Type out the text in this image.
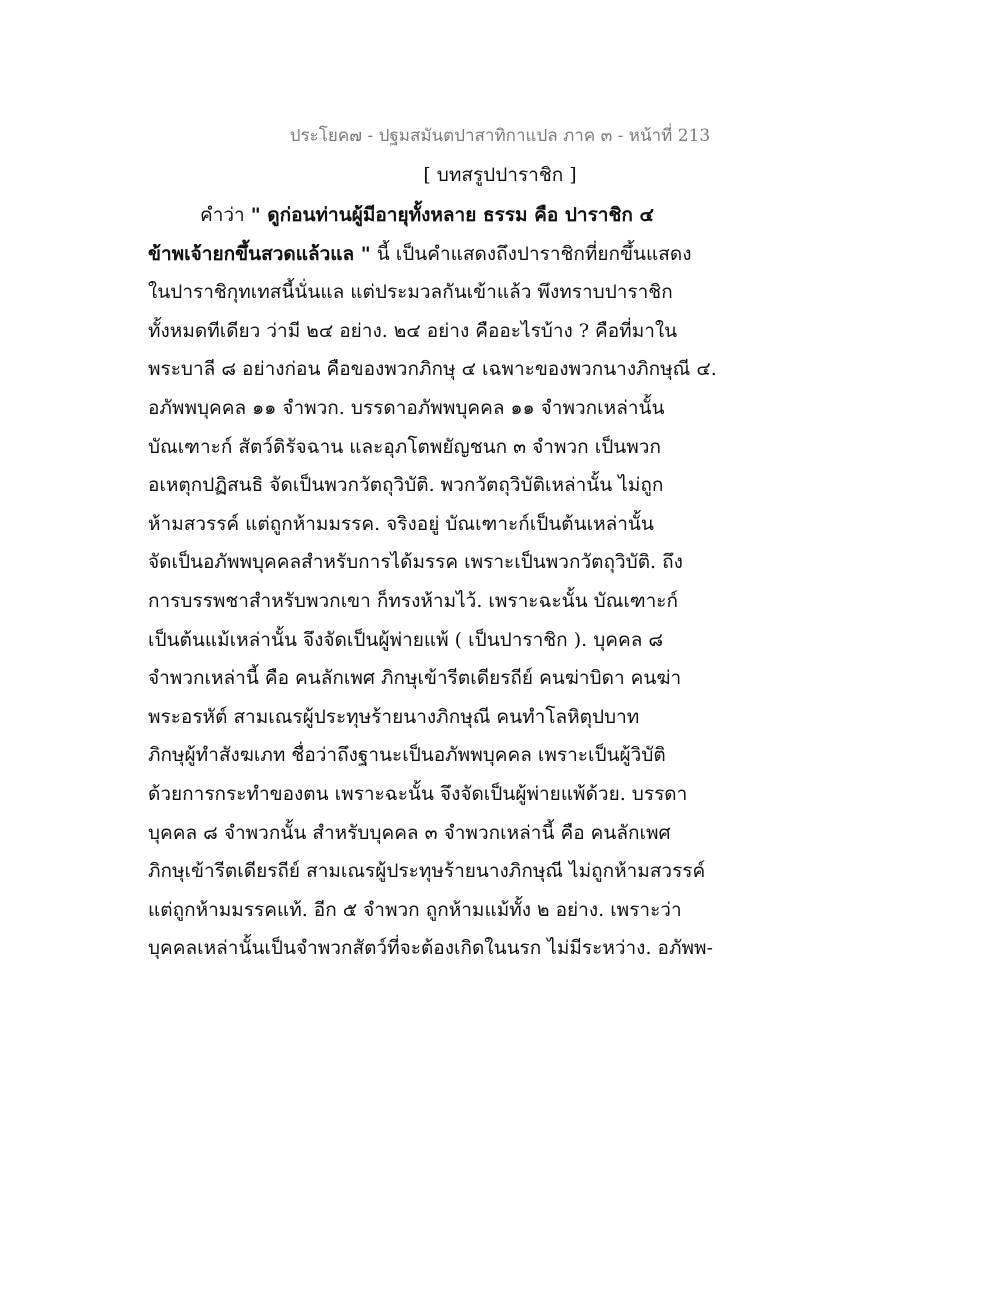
ประโยค๗ - ปฐมสมันตปาสาทิกาแปล ภาค ๓ - หน้าที่ 213
[ บทสรูปปาราชิก ]
คำว่า " ดูก่อนท่านผู้มีอายุทั้งหลาย ธรรม คือ ปาราชิก ๔
ข้าพเจ้ายกขึ้นสวดแล้วแล " นี้ เป็นคำแสดงถึงปาราชิกที่ยกขึ้นแสดง
ในปาราชิกุทเทสนี้นั่นแล แต่ประมวลกันเข้าแล้ว พึงทราบปาราชิก
ทั้งหมดทีเดียว ว่ามี ๒๔ อย่าง. ๒๔ อย่าง คืออะไรบ้าง ? คือที่มาใน
พระบาลี ๘ อย่างก่อน คือของพวกภิกษุ ๔ เฉพาะของพวกนางภิกษุณี ๔.
อภัพพบุคคล ๑๑ จำพวก. บรรดาอภัพพบุคคล ๑๑ จำพวกเหล่านั้น
บัณเฑาะก์ สัตว์ดิรัจฉาน และอุภโตพยัญชนก ๓ จำพวก เป็นพวก
อเหตุกปฏิสนธิ จัดเป็นพวกวัตถุวิบัติ. พวกวัตถุวิบัติเหล่านั้น ไม่ถูก
ห้ามสวรรค์ แต่ถูกห้ามมรรค. จริงอยู่ บัณเฑาะก์เป็นต้นเหล่านั้น
จัดเป็นอภัพพบุคคลสำหรับการได้มรรค เพราะเป็นพวกวัตถุวิบัติ. ถึง
การบรรพชาสำหรับพวกเขา ก็ทรงห้ามไว้. เพราะฉะนั้น บัณเฑาะก์
เป็นต้นแม้เหล่านั้น จึงจัดเป็นผู้พ่ายแพ้ ( เป็นปาราชิก ). บุคคล ๘
จำพวกเหล่านี้ คือ คนลักเพศ ภิกษุเข้ารีตเดียรถีย์ คนฆ่าบิดา คนฆ่า
พระอรหัต์ สามเณรผู้ประทุษร้ายนางภิกษุณี คนทำโลหิตุปบาท
ภิกษุผู้ทำสังฆเภท ชื่อว่าถึงฐานะเป็นอภัพพบุคคล เพราะเป็นผู้วิบัติ
ด้วยการกระทำของตน เพราะฉะนั้น จึงจัดเป็นผู้พ่ายแพ้ด้วย. บรรดา
บุคคล ๘ จำพวกนั้น สำหรับบุคคล ๓ จำพวกเหล่านี้ คือ คนลักเพศ
ภิกษุเข้ารีตเดียรถีย์ สามเณรผู้ประทุษร้ายนางภิกษุณี ไม่ถูกห้ามสวรรค์
แต่ถูกห้ามมรรคแท้. อีก ๕ จำพวก ถูกห้ามแม้ทั้ง ๒ อย่าง. เพราะว่า
บุคคลเหล่านั้นเป็นจำพวกสัตว์ที่จะต้องเกิดในนรก ไม่มีระหว่าง. อภัพพ-
